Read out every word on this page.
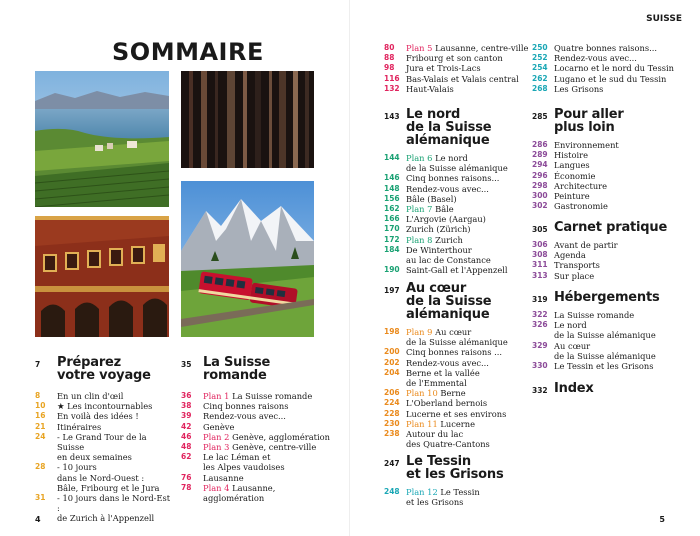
SOMMAIRE
7	Préparez
votre voyage
8	En un clin d'œil
10	★ Les incontournables
16	En voilà des idées !
21	Itinéraires
24	- Le Grand Tour de la Suisse
en deux semaines
28	- 10 jours
dans le Nord-Ouest :
Bâle, Fribourg et le Jura
31	- 10 jours dans le Nord-Est :
de Zurich à l'Appenzell
35 La Suisse
romande
36	Plan 1 La Suisse romande
38	Cinq bonnes raisons
39	Rendez-vous avec...
42	Genève
46	Plan 2 Genève, agglomération
48	Plan 3 Genève, centre-ville
62	Le lac Léman et
les Alpes vaudoises
76	Lausanne
78	Plan 4 Lausanne,
agglomération
4
SUISSE
80	Plan 5 Lausanne, centre-ville
88	Fribourg et son canton
98	Jura et Trois-Lacs
116 Bas-Valais et Valais central
132 Haut-Valais
143 Le nord
de la Suisse
alémanique
144 Plan 6 Le nord
de la Suisse alémanique
146 Cinq bonnes raisons...
148 Rendez-vous avec...
156 Bâle (Basel)
162 Plan 7 Bâle
166 L'Argovie (Aargau)
170 Zurich (Zürich)
172 Plan 8 Zurich
184 De Winterthour
au lac de Constance
190 Saint-Gall et l'Appenzell
197 Au cœur
de la Suisse
alémanique
198 Plan 9 Au cœur
de la Suisse alémanique
200 Cinq bonnes raisons ...
202 Rendez-vous avec...
204 Berne et la vallée
de l'Emmental
206 Plan 10 Berne
224 L'Oberland bernois
228 Lucerne et ses environs
230 Plan 11 Lucerne
238 Autour du lac
des Quatre-Cantons
247 Le Tessin
et les Grisons
248 Plan 12 Le Tessin
et les Grisons
250 Quatre bonnes raisons...
252 Rendez-vous avec...
254 Locarno et le nord du Tessin
262 Lugano et le sud du Tessin
268 Les Grisons
285 Pour aller
plus loin
286 Environnement
289 Histoire
294 Langues
296 Économie
298 Architecture
300 Peinture
302 Gastronomie
305 Carnet pratique
306 Avant de partir
308 Agenda
311 Transports
313 Sur place
319 Hébergements
322 La Suisse romande
326 Le nord
de la Suisse alémanique
329 Au cœur
de la Suisse alémanique
330 Le Tessin et les Grisons
332 Index
5
